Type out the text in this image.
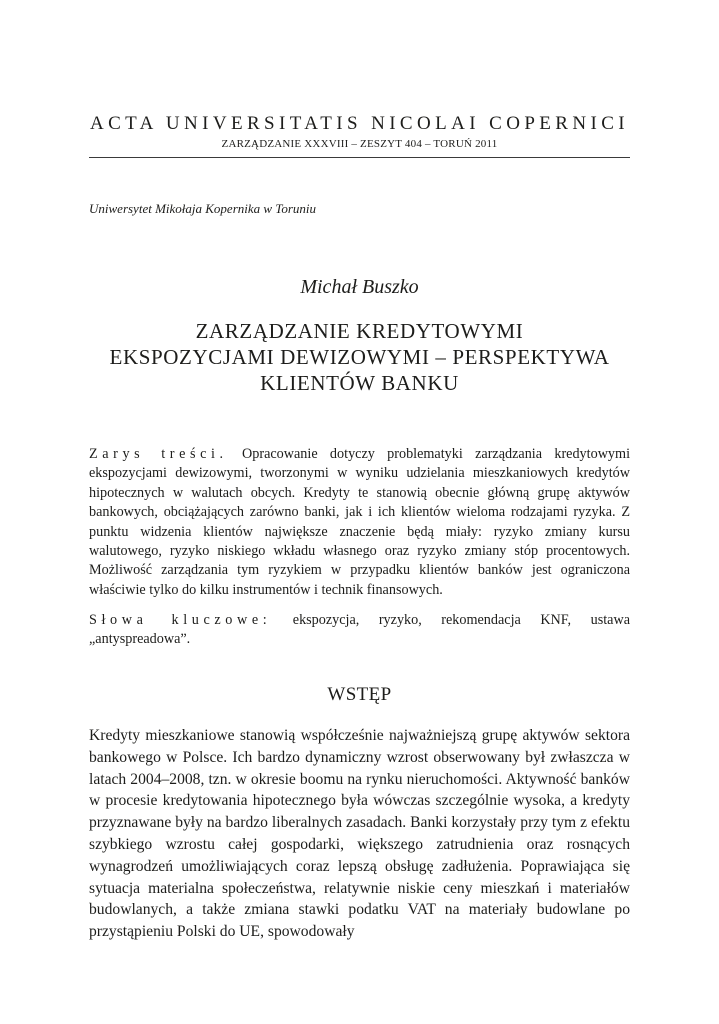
ACTA UNIVERSITATIS NICOLAI COPERNICI
ZARZĄDZANIE XXXVIII – ZESZYT 404 – TORUŃ 2011
Uniwersytet Mikołaja Kopernika w Toruniu
Michał Buszko
ZARZĄDZANIE KREDYTOWYMI
EKSPOZYCJAMI DEWIZOWYMI – PERSPEKTYWA
KLIENTÓW BANKU

Zarys treści. Opracowanie dotyczy problematyki zarządzania kredytowymi ekspozycjami dewizowymi, tworzonymi w wyniku udzielania mieszkaniowych kredytów hipotecznych w walutach obcych. Kredyty te stanowią obecnie główną grupę aktywów bankowych, obciążających zarówno banki, jak i ich klientów wieloma rodzajami ryzyka. Z punktu widzenia klientów największe znaczenie będą miały: ryzyko zmiany kursu walutowego, ryzyko niskiego wkładu własnego oraz ryzyko zmiany stóp procentowych. Możliwość zarządzania tym ryzykiem w przypadku klientów banków jest ograniczona właściwie tylko do kilku instrumentów i technik finansowych.

Słowa kluczowe: ekspozycja, ryzyko, rekomendacja KNF, ustawa „antyspreadowa”.

WSTĘP

Kredyty mieszkaniowe stanowią współcześnie najważniejszą grupę aktywów sektora bankowego w Polsce. Ich bardzo dynamiczny wzrost obserwowany był zwłaszcza w latach 2004–2008, tzn. w okresie boomu na rynku nieruchomości. Aktywność banków w procesie kredytowania hipotecznego była wówczas szczególnie wysoka, a kredyty przyznawane były na bardzo liberalnych zasadach. Banki korzystały przy tym z efektu szybkiego wzrostu całej gospodarki, większego zatrudnienia oraz rosnących wynagrodzeń umożliwiających coraz lepszą obsługę zadłużenia. Poprawiająca się sytuacja materialna społeczeństwa, relatywnie niskie ceny mieszkań i materiałów budowlanych, a także zmiana stawki podatku VAT na materiały budowlane po przystąpieniu Polski do UE, spowodowały
